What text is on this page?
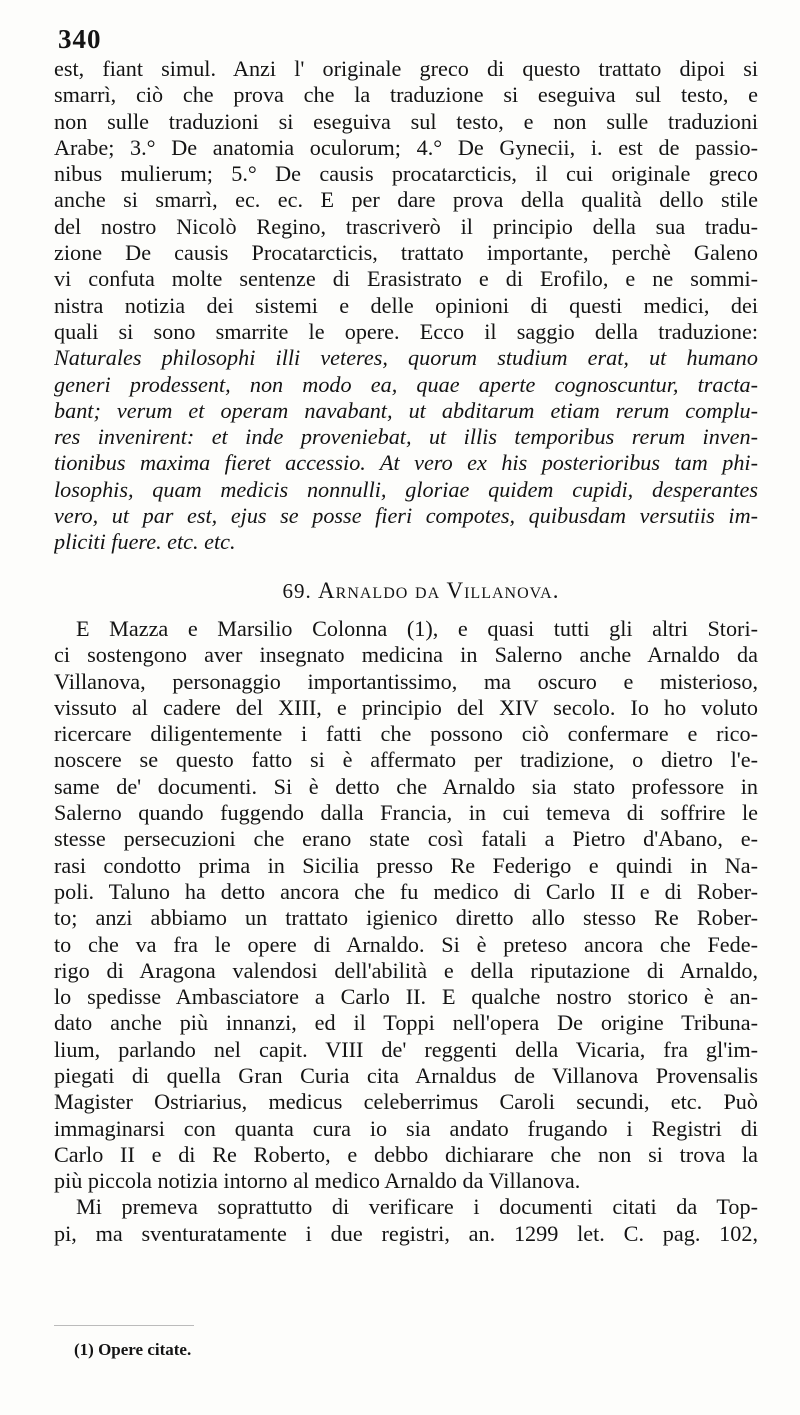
340
est, fiant simul. Anzi l' originale greco di questo trattato dipoi si
smarrì, ciò che prova che la traduzione si eseguiva sul testo, e
non sulle traduzioni si eseguiva sul testo, e non sulle traduzioni
Arabe; 3.° De anatomia oculorum; 4.° De Gynecii, i. est de passio-
nibus mulierum; 5.° De causis procatarcticis, il cui originale greco
anche si smarrì, ec. ec. E per dare prova della qualità dello stile
del nostro Nicolò Regino, trascriverò il principio della sua tradu-
zione De causis Procatarcticis, trattato importante, perchè Galeno
vi confuta molte sentenze di Erasistrato e di Erofilo, e ne sommi-
nistra notizia dei sistemi e delle opinioni di questi medici, dei
quali si sono smarrite le opere. Ecco il saggio della traduzione:
Naturales philosophi illi veteres, quorum studium erat, ut humano
generi prodessent, non modo ea, quae aperte cognoscuntur, tracta-
bant; verum et operam navabant, ut abditarum etiam rerum complu-
res invenirent: et inde proveniebat, ut illis temporibus rerum inven-
tionibus maxima fieret accessio. At vero ex his posterioribus tam phi-
losophis, quam medicis nonnulli, gloriae quidem cupidi, desperantes
vero, ut par est, ejus se posse fieri compotes, quibusdam versutiis im-
pliciti fuere. etc. etc.
69. Arnaldo da Villanova.
E Mazza e Marsilio Colonna (1), e quasi tutti gli altri Stori-
ci sostengono aver insegnato medicina in Salerno anche Arnaldo da
Villanova, personaggio importantissimo, ma oscuro e misterioso,
vissuto al cadere del XIII, e principio del XIV secolo. Io ho voluto
ricercare diligentemente i fatti che possono ciò confermare e rico-
noscere se questo fatto si è affermato per tradizione, o dietro l'e-
same de' documenti. Si è detto che Arnaldo sia stato professore in
Salerno quando fuggendo dalla Francia, in cui temeva di soffrire le
stesse persecuzioni che erano state così fatali a Pietro d'Abano, e-
rasi condotto prima in Sicilia presso Re Federigo e quindi in Na-
poli. Taluno ha detto ancora che fu medico di Carlo II e di Rober-
to; anzi abbiamo un trattato igienico diretto allo stesso Re Rober-
to che va fra le opere di Arnaldo. Si è preteso ancora che Fede-
rigo di Aragona valendosi dell'abilità e della riputazione di Arnaldo,
lo spedisse Ambasciatore a Carlo II. E qualche nostro storico è an-
dato anche più innanzi, ed il Toppi nell'opera De origine Tribuna-
lium, parlando nel capit. VIII de' reggenti della Vicaria, fra gl'im-
piegati di quella Gran Curia cita Arnaldus de Villanova Provensalis
Magister Ostriarius, medicus celeberrimus Caroli secundi, etc. Può
immaginarsi con quanta cura io sia andato frugando i Registri di
Carlo II e di Re Roberto, e debbo dichiarare che non si trova la
più piccola notizia intorno al medico Arnaldo da Villanova.
Mi premeva soprattutto di verificare i documenti citati da Top-
pi, ma sventuratamente i due registri, an. 1299 let. C. pag. 102,
(1) Opere citate.
